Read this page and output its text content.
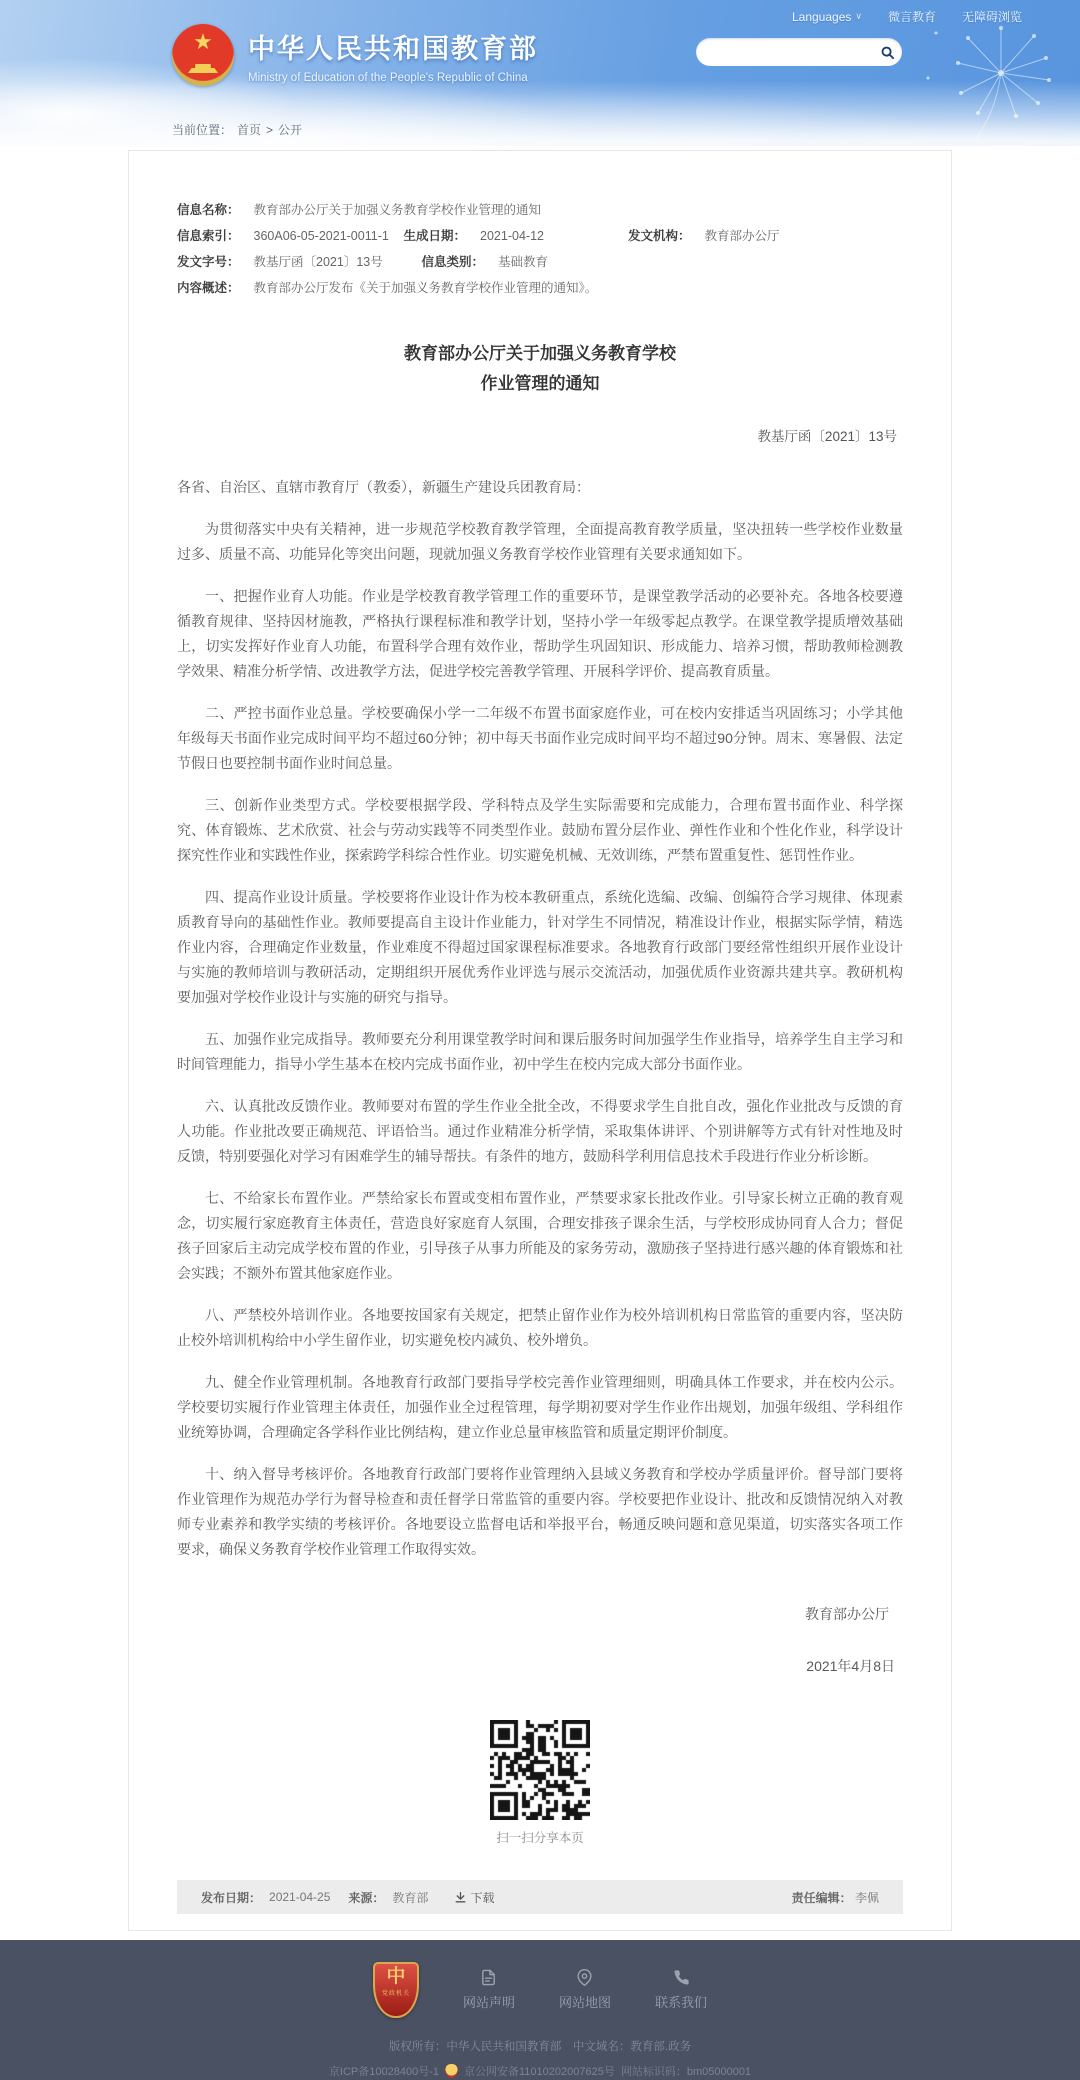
Languages ∨ 微言教育 无障碍浏览
★	中华人民共和国教育部
Ministry of Education of the People's Republic of China
当前位置： 首页 > 公开
信息名称： 教育部办公厅关于加强义务教育学校作业管理的通知
信息索引： 360A06-05-2021-0011-1	生成日期： 2021-04-12	发文机构： 教育部办公厅
发文字号： 教基厅函〔2021〕13号	信息类别： 基础教育
内容概述： 教育部办公厅发布《关于加强义务教育学校作业管理的通知》。
教育部办公厅关于加强义务教育学校
作业管理的通知
教基厅函〔2021〕13号
各省、自治区、直辖市教育厅（教委），新疆生产建设兵团教育局：

为贯彻落实中央有关精神，进一步规范学校教育教学管理，全面提高教育教学质量，坚决扭转一些学校作业数量过多、质量不高、功能异化等突出问题，现就加强义务教育学校作业管理有关要求通知如下。

一、把握作业育人功能。作业是学校教育教学管理工作的重要环节，是课堂教学活动的必要补充。各地各校要遵循教育规律、坚持因材施教，严格执行课程标准和教学计划，坚持小学一年级零起点教学。在课堂教学提质增效基础上，切实发挥好作业育人功能，布置科学合理有效作业，帮助学生巩固知识、形成能力、培养习惯，帮助教师检测教学效果、精准分析学情、改进教学方法，促进学校完善教学管理、开展科学评价、提高教育质量。

二、严控书面作业总量。学校要确保小学一二年级不布置书面家庭作业，可在校内安排适当巩固练习；小学其他年级每天书面作业完成时间平均不超过60分钟；初中每天书面作业完成时间平均不超过90分钟。周末、寒暑假、法定节假日也要控制书面作业时间总量。

三、创新作业类型方式。学校要根据学段、学科特点及学生实际需要和完成能力，合理布置书面作业、科学探究、体育锻炼、艺术欣赏、社会与劳动实践等不同类型作业。鼓励布置分层作业、弹性作业和个性化作业，科学设计探究性作业和实践性作业，探索跨学科综合性作业。切实避免机械、无效训练，严禁布置重复性、惩罚性作业。

四、提高作业设计质量。学校要将作业设计作为校本教研重点，系统化选编、改编、创编符合学习规律、体现素质教育导向的基础性作业。教师要提高自主设计作业能力，针对学生不同情况，精准设计作业，根据实际学情，精选作业内容，合理确定作业数量，作业难度不得超过国家课程标准要求。各地教育行政部门要经常性组织开展作业设计与实施的教师培训与教研活动，定期组织开展优秀作业评选与展示交流活动，加强优质作业资源共建共享。教研机构要加强对学校作业设计与实施的研究与指导。

五、加强作业完成指导。教师要充分利用课堂教学时间和课后服务时间加强学生作业指导，培养学生自主学习和时间管理能力，指导小学生基本在校内完成书面作业，初中学生在校内完成大部分书面作业。

六、认真批改反馈作业。教师要对布置的学生作业全批全改，不得要求学生自批自改，强化作业批改与反馈的育人功能。作业批改要正确规范、评语恰当。通过作业精准分析学情，采取集体讲评、个别讲解等方式有针对性地及时反馈，特别要强化对学习有困难学生的辅导帮扶。有条件的地方，鼓励科学利用信息技术手段进行作业分析诊断。

七、不给家长布置作业。严禁给家长布置或变相布置作业，严禁要求家长批改作业。引导家长树立正确的教育观念，切实履行家庭教育主体责任，营造良好家庭育人氛围，合理安排孩子课余生活，与学校形成协同育人合力；督促孩子回家后主动完成学校布置的作业，引导孩子从事力所能及的家务劳动，激励孩子坚持进行感兴趣的体育锻炼和社会实践；不额外布置其他家庭作业。

八、严禁校外培训作业。各地要按国家有关规定，把禁止留作业作为校外培训机构日常监管的重要内容，坚决防止校外培训机构给中小学生留作业，切实避免校内减负、校外增负。

九、健全作业管理机制。各地教育行政部门要指导学校完善作业管理细则，明确具体工作要求，并在校内公示。学校要切实履行作业管理主体责任，加强作业全过程管理，每学期初要对学生作业作出规划，加强年级组、学科组作业统筹协调，合理确定各学科作业比例结构，建立作业总量审核监管和质量定期评价制度。

十、纳入督导考核评价。各地教育行政部门要将作业管理纳入县域义务教育和学校办学质量评价。督导部门要将作业管理作为规范办学行为督导检查和责任督学日常监管的重要内容。学校要把作业设计、批改和反馈情况纳入对教师专业素养和教学实绩的考核评价。各地要设立监督电话和举报平台，畅通反映问题和意见渠道，切实落实各项工作要求，确保义务教育学校作业管理工作取得实效。

教育部办公厅
2021年4月8日
扫一扫分享本页
发布日期： 2021-04-25 来源： 教育部	下载	责任编辑： 李佩
中
党政机关
网站声明	网站地图	联系我们
版权所有：中华人民共和国教育部　中文域名：教育部.政务
京ICP备10028400号-1 京公网安备11010202007625号 网站标识码：bm05000001
